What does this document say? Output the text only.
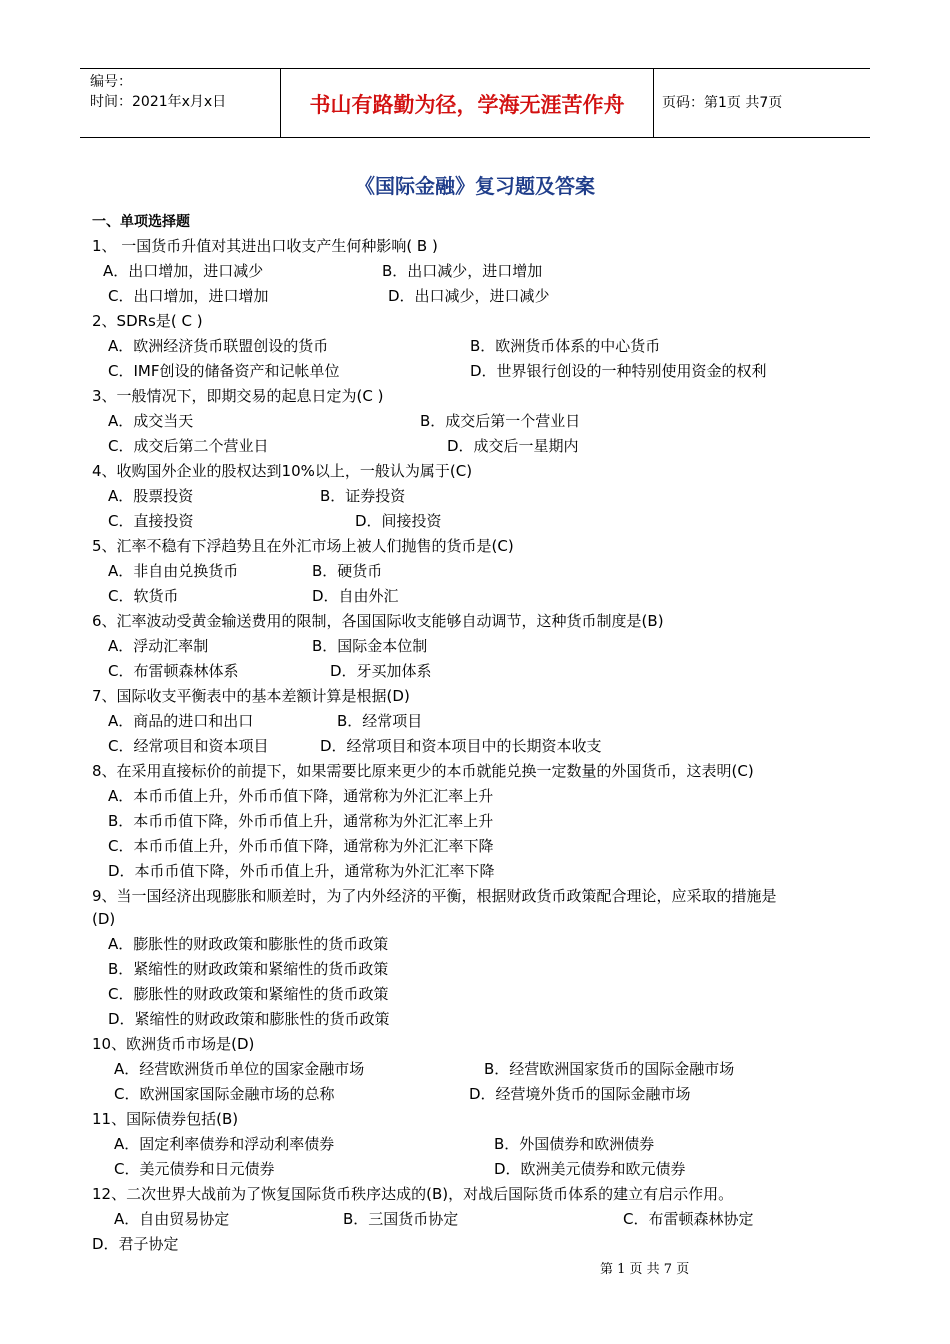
编号：
时间：2021年x月x日	书山有路勤为径，学海无涯苦作舟	页码：第1页 共7页
《国际金融》复习题及答案
一、单项选择题
1、 一国货币升值对其进出口收支产生何种影响( B )
A．出口增加，进口减少	B．出口减少，进口增加
C．出口增加，进口增加	D．出口减少，进口减少
2、SDRs是( C )
A．欧洲经济货币联盟创设的货币	B．欧洲货币体系的中心货币
C．IMF创设的储备资产和记帐单位	D．世界银行创设的一种特别使用资金的权利
3、一般情况下，即期交易的起息日定为(C )
A．成交当天	B．成交后第一个营业日
C．成交后第二个营业日	D．成交后一星期内
4、收购国外企业的股权达到10%以上，一般认为属于(C)
A．股票投资	B．证券投资
C．直接投资	D．间接投资
5、汇率不稳有下浮趋势且在外汇市场上被人们抛售的货币是(C)
A．非自由兑换货币	B．硬货币
C．软货币	D．自由外汇
6、汇率波动受黄金输送费用的限制，各国国际收支能够自动调节，这种货币制度是(B)
A．浮动汇率制	B．国际金本位制
C．布雷顿森林体系	D．牙买加体系
7、国际收支平衡表中的基本差额计算是根据(D)
A．商品的进口和出口	B．经常项目
C．经常项目和资本项目	D．经常项目和资本项目中的长期资本收支
8、在采用直接标价的前提下，如果需要比原来更少的本币就能兑换一定数量的外国货币，这表明(C)
A．本币币值上升，外币币值下降，通常称为外汇汇率上升
B．本币币值下降，外币币值上升，通常称为外汇汇率上升
C．本币币值上升，外币币值下降，通常称为外汇汇率下降
D．本币币值下降，外币币值上升，通常称为外汇汇率下降
9、当一国经济出现膨胀和顺差时，为了内外经济的平衡，根据财政货币政策配合理论，应采取的措施是
(D)
A．膨胀性的财政政策和膨胀性的货币政策
B．紧缩性的财政政策和紧缩性的货币政策
C．膨胀性的财政政策和紧缩性的货币政策
D．紧缩性的财政政策和膨胀性的货币政策
10、欧洲货币市场是(D)
A．经营欧洲货币单位的国家金融市场	B．经营欧洲国家货币的国际金融市场
C．欧洲国家国际金融市场的总称	D．经营境外货币的国际金融市场
11、国际债券包括(B)
A．固定利率债券和浮动利率债券	B．外国债券和欧洲债券
C．美元债券和日元债券	D．欧洲美元债券和欧元债券
12、二次世界大战前为了恢复国际货币秩序达成的(B)，对战后国际货币体系的建立有启示作用。
A．自由贸易协定	B．三国货币协定	C．布雷顿森林协定
D．君子协定
第 1 页 共 7 页
